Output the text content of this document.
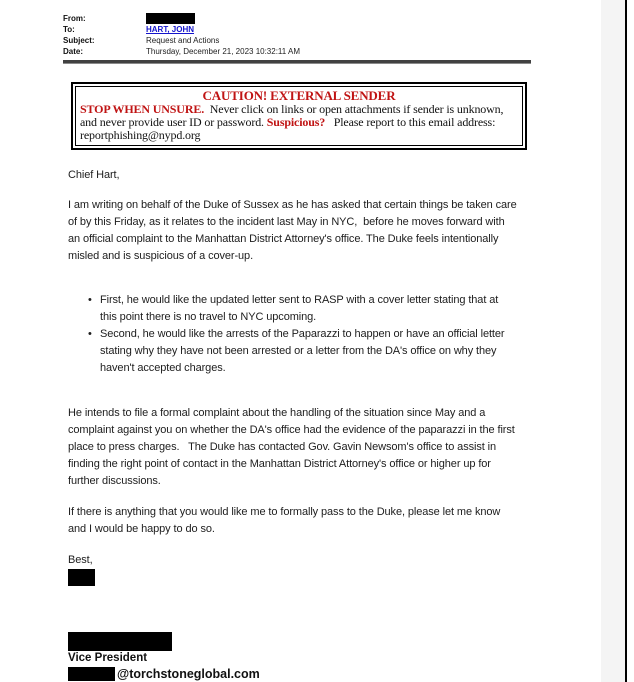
From:
To:	HART, JOHN
Subject:	Request and Actions
Date:	Thursday, December 21, 2023 10:32:11 AM
CAUTION! EXTERNAL SENDER
STOP WHEN UNSURE.  Never click on links or open attachments if sender is unknown,
and never provide user ID or password. Suspicious?   Please report to this email address:
reportphishing@nypd.org
Chief Hart,
I am writing on behalf of the Duke of Sussex as he has asked that certain things be taken care
of by this Friday, as it relates to the incident last May in NYC,  before he moves forward with
an official complaint to the Manhattan District Attorney's office. The Duke feels intentionally
misled and is suspicious of a cover-up.
• First, he would like the updated letter sent to RASP with a cover letter stating that at
this point there is no travel to NYC upcoming.
• Second, he would like the arrests of the Paparazzi to happen or have an official letter
stating why they have not been arrested or a letter from the DA's office on why they
haven't accepted charges.
He intends to file a formal complaint about the handling of the situation since May and a
complaint against you on whether the DA's office had the evidence of the paparazzi in the first
place to press charges.   The Duke has contacted Gov. Gavin Newsom's office to assist in
finding the right point of contact in the Manhattan District Attorney's office or higher up for
further discussions.
If there is anything that you would like me to formally pass to the Duke, please let me know
and I would be happy to do so.
Best,
Vice President
@torchstoneglobal.com
